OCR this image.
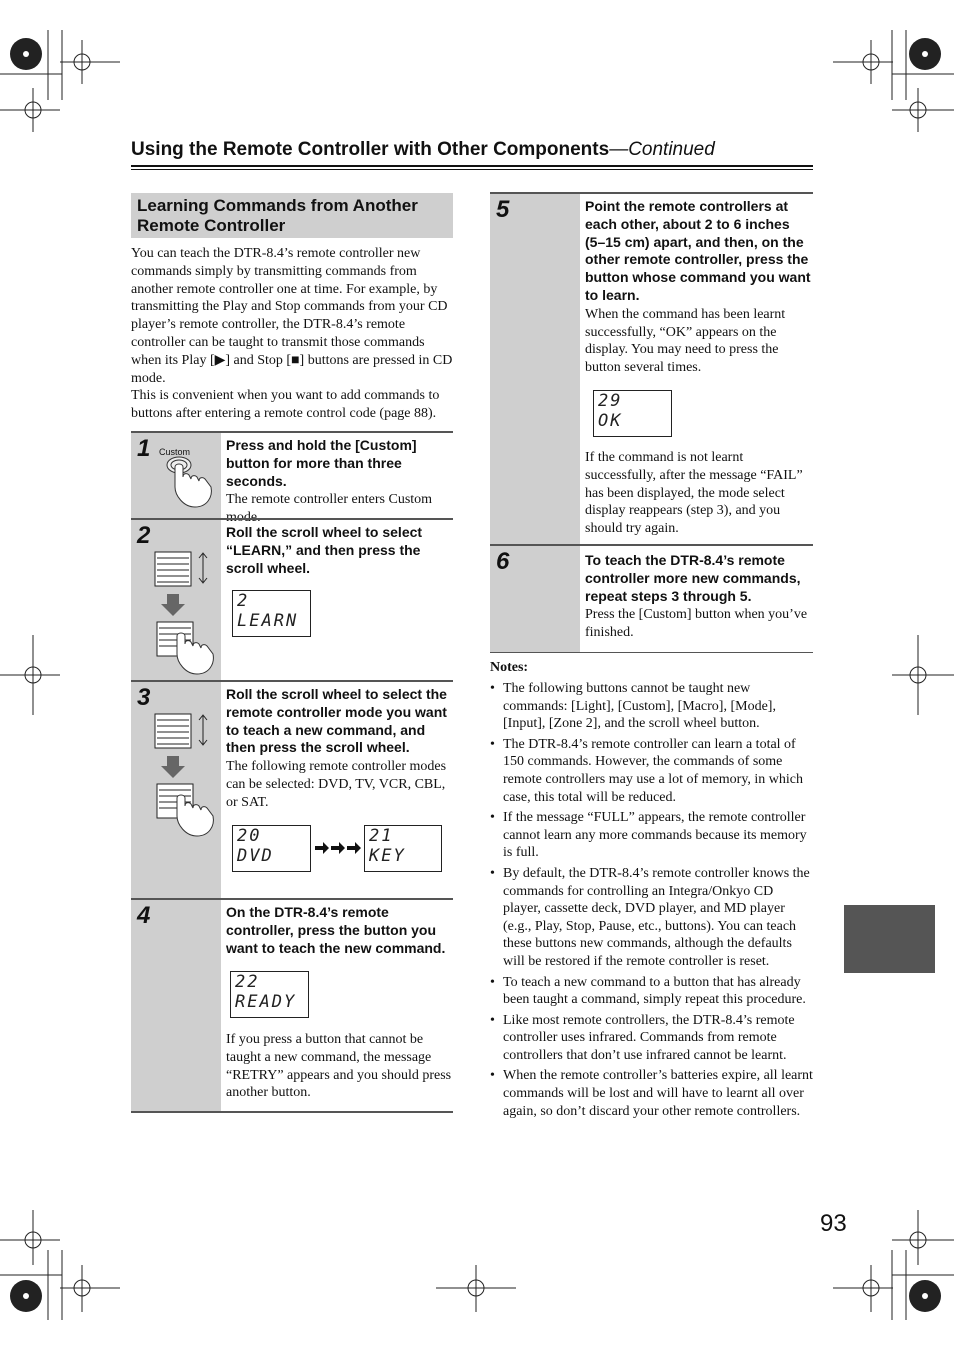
Using the Remote Controller with Other Components—Continued
Learning Commands from Another Remote Controller
You can teach the DTR-8.4’s remote controller new commands simply by transmitting commands from another remote controller one at time. For example, by transmitting the Play and Stop commands from your CD player’s remote controller, the DTR-8.4’s remote controller can be taught to transmit those commands when its Play [▶] and Stop [■] buttons are pressed in CD mode.
This is convenient when you want to add commands to buttons after entering a remote control code (page 88).
1 Custom	Press and hold the [Custom] button for more than three seconds.
The remote controller enters Custom mode.
2	Roll the scroll wheel to select “LEARN,” and then press the scroll wheel.
2
LEARN
3	Roll the scroll wheel to select the remote controller mode you want to teach a new command, and then press the scroll wheel.
The following remote controller modes can be selected: DVD, TV, VCR, CBL, or SAT.
20
DVD
21
KEY
4	On the DTR-8.4’s remote controller, press the button you want to teach the new command.
22
READY
If you press a button that cannot be taught a new command, the message “RETRY” appears and you should press another button.
5	Point the remote controllers at each other, about 2 to 6 inches (5–15 cm) apart, and then, on the other remote controller, press the button whose command you want to learn.
When the command has been learnt successfully, “OK” appears on the display. You may need to press the button several times.
29
OK
If the command is not learnt successfully, after the message “FAIL” has been displayed, the mode select display reappears (step 3), and you should try again.
6	To teach the DTR-8.4’s remote controller more new commands, repeat steps 3 through 5.
Press the [Custom] button when you’ve finished.
Notes:
• The following buttons cannot be taught new commands: [Light], [Custom], [Macro], [Mode], [Input], [Zone 2], and the scroll wheel button.
• The DTR-8.4’s remote controller can learn a total of 150 commands. However, the commands of some remote controllers may use a lot of memory, in which case, this total will be reduced.
• If the message “FULL” appears, the remote controller cannot learn any more commands because its memory is full.
• By default, the DTR-8.4’s remote controller knows the commands for controlling an Integra/Onkyo CD player, cassette deck, DVD player, and MD player (e.g., Play, Stop, Pause, etc., buttons). You can teach these buttons new commands, although the defaults will be restored if the remote controller is reset.
• To teach a new command to a button that has already been taught a command, simply repeat this procedure.
• Like most remote controllers, the DTR-8.4’s remote controller uses infrared. Commands from remote controllers that don’t use infrared cannot be learnt.
• When the remote controller’s batteries expire, all learnt commands will be lost and will have to learnt all over again, so don’t discard your other remote controllers.
93
